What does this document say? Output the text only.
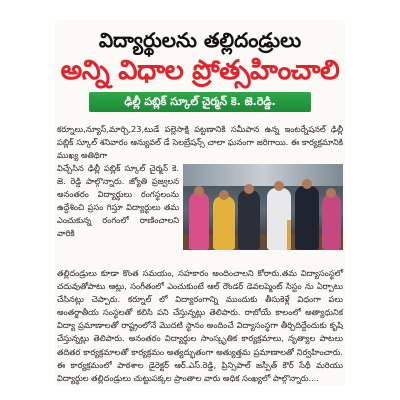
విద్యార్థులను తల్లిదండ్రులు
అన్ని విధాల ప్రోత్సహించాలి
ఢిల్లీ పబ్లిక్ స్కూల్ చైర్మన్ కె. జె.రెడ్డి.
కర్నూలు,న్యూస్,మార్చి,23,టుడే పల్లెసాక్షి పట్టణానికి సమీపాన ఉన్న ఇంటర్నేషనల్ ఢిల్లీ పబ్లిక్ స్కూల్ శనివారం ఆన్యువల్ డే సెలబ్రేషన్స్ చాలా ఘనంగా జరిగాయి. ఈ కార్యక్రమానికి ముఖ్య అతిథిగా
విచ్చేసిన ఢిల్లీ పబ్లిక్ స్కూల్ చైర్మన్ కె. జె. రెడ్డి పాల్గొన్నారు. జ్యోతి ప్రజ్వలన అనంతరం విద్యార్థులు రంగస్థలంను ఉద్దేశించి ప్రసం గిస్తూ విద్యార్థులు తమ ఎంచుకున్న రంగంలో రాణించాలని వారికి
తల్లిదండ్రులు కూడా కొంత సమయం, సహకారం అందించాలని కోరారు.తమ విద్యాసంస్థలో చదువుతోపాటు ఆట్లు, సంగీతంలో ఎంచుకుంటే ఆల్ రౌండర్ డెవలప్మెంట్ సిస్టం ను ఏర్పాటు చేసినట్లు చెప్పారు. కర్నూల్ లో విద్యారంగాన్ని ముందుకు తీసుకెళ్లే విధంగా పలు అంతర్జాతీయ సంస్థలతో కలిసి పని చేస్తున్నట్లు తెలిపారు. రాబోయే కాలంలో అత్యాధునిక విద్యా ప్రమాణాలతో రాష్ట్రంలోనే మొదటి స్థానం అందించే విద్యాసంస్థగా తీర్చిదిద్దేందుకు కృషి చేస్తున్నట్లు తెలిపారు. అనంతరం విద్యార్థుల సాంస్కృతిక కార్యక్రమాలు, నృత్యాల పాటలు తదితర కార్యక్రమాలతో కార్యక్రమం అత్యద్భుతంగా అత్యుత్తమ ప్రమాణాలతో నిర్వహించారు. ఈ కార్యక్రమంలో పాఠశాల డైరెక్టర్ ఆర్.ఎస్.రెడ్డి, ప్రిన్సిపాల్ జస్పీత్ కౌర్ సేథీ మరియు విద్యార్థుల తల్లిదండ్రులు చుట్టుపక్కల ప్రాంతాల వారు అధిక సంఖ్యలో పాల్గొన్నారు....
